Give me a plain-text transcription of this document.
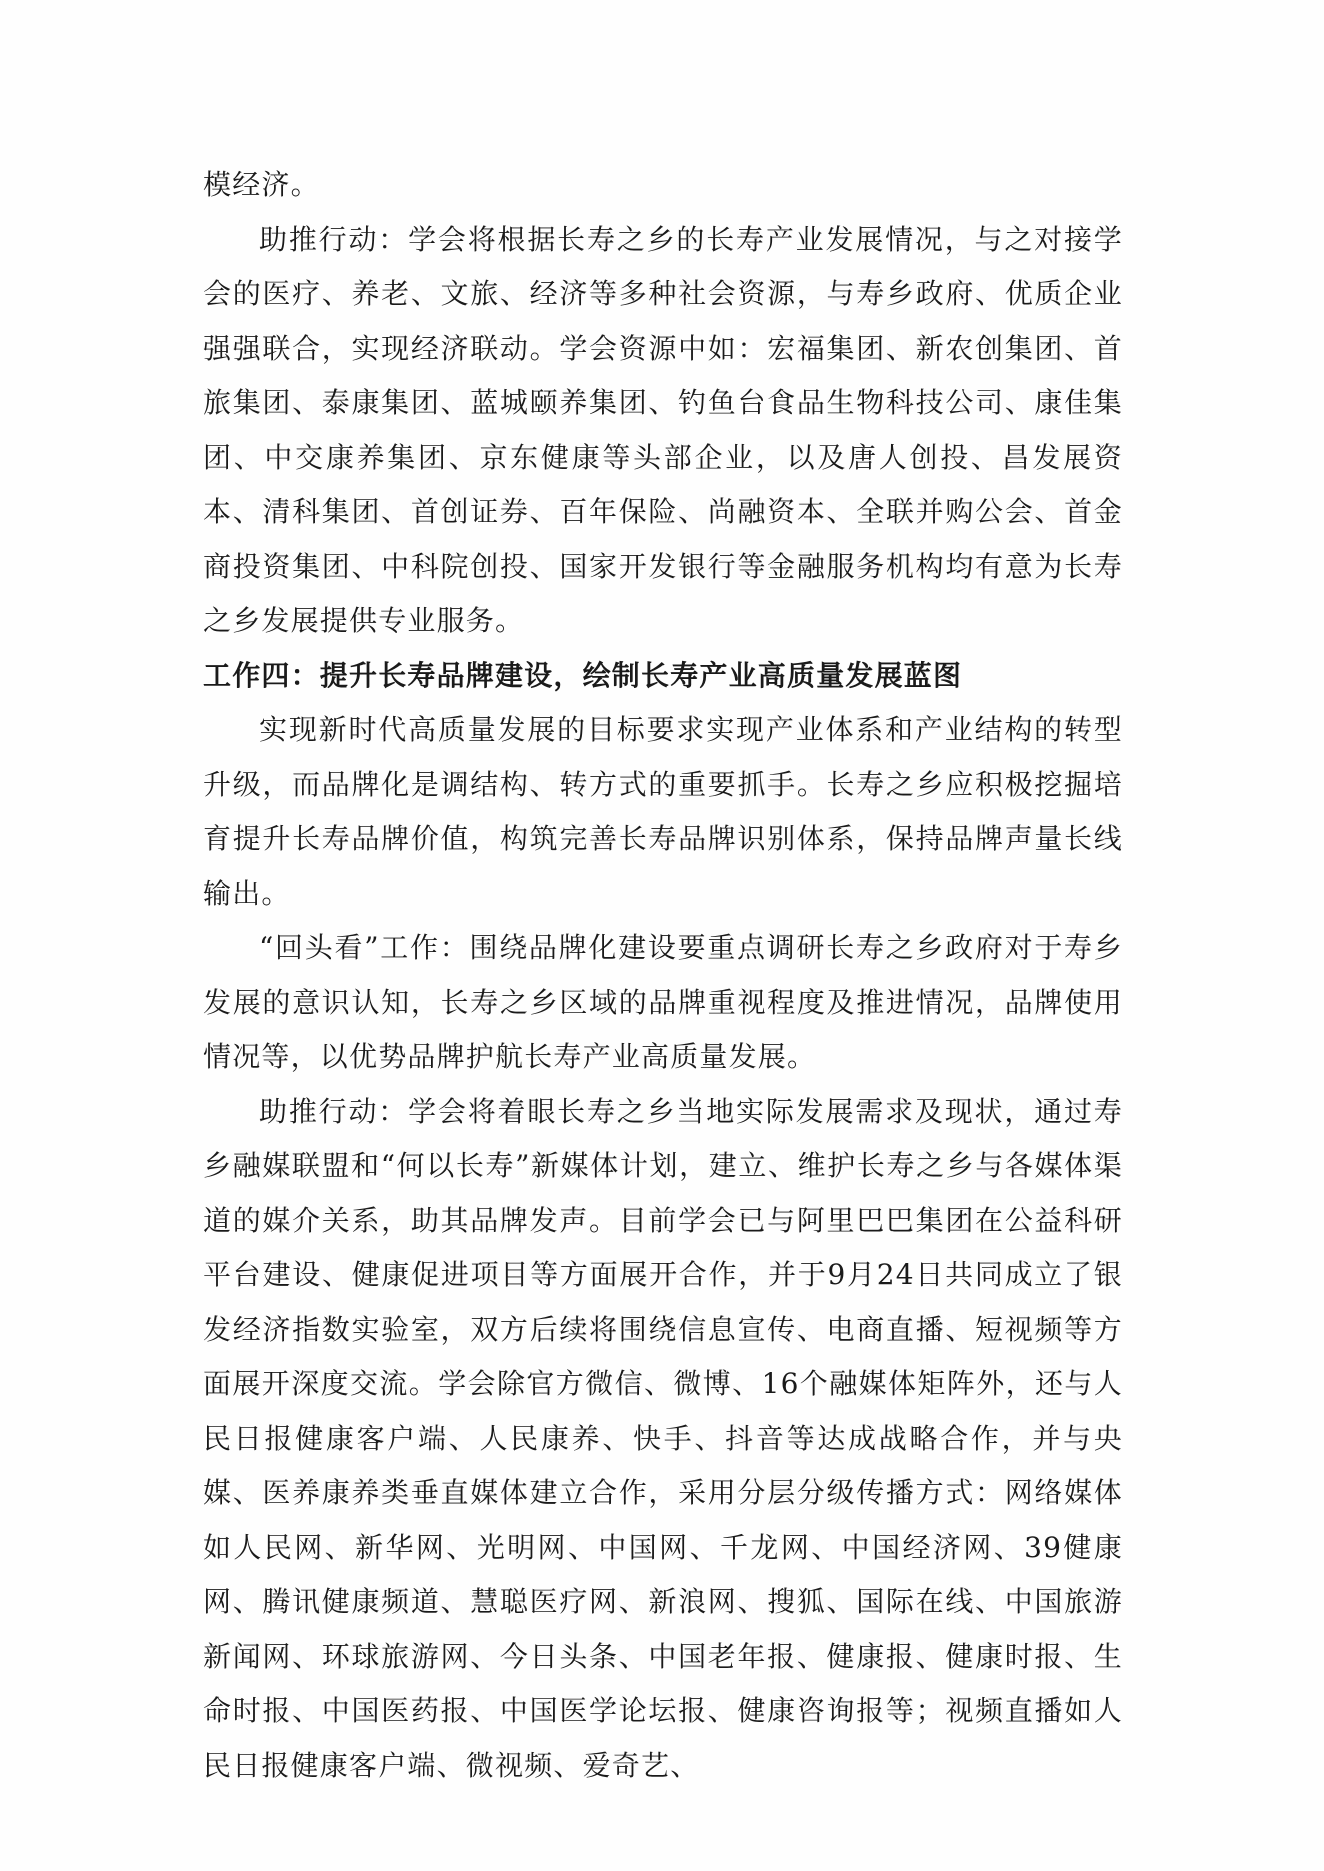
模经济。

助推行动：学会将根据长寿之乡的长寿产业发展情况，与之对接学会的医疗、养老、文旅、经济等多种社会资源，与寿乡政府、优质企业强强联合，实现经济联动。学会资源中如：宏福集团、新农创集团、首旅集团、泰康集团、蓝城颐养集团、钓鱼台食品生物科技公司、康佳集团、中交康养集团、京东健康等头部企业，以及唐人创投、昌发展资本、清科集团、首创证券、百年保险、尚融资本、全联并购公会、首金商投资集团、中科院创投、国家开发银行等金融服务机构均有意为长寿之乡发展提供专业服务。

工作四：提升长寿品牌建设，绘制长寿产业高质量发展蓝图

实现新时代高质量发展的目标要求实现产业体系和产业结构的转型升级，而品牌化是调结构、转方式的重要抓手。长寿之乡应积极挖掘培育提升长寿品牌价值，构筑完善长寿品牌识别体系，保持品牌声量长线输出。

“回头看”工作：围绕品牌化建设要重点调研长寿之乡政府对于寿乡发展的意识认知，长寿之乡区域的品牌重视程度及推进情况，品牌使用情况等，以优势品牌护航长寿产业高质量发展。

助推行动：学会将着眼长寿之乡当地实际发展需求及现状，通过寿乡融媒联盟和“何以长寿”新媒体计划，建立、维护长寿之乡与各媒体渠道的媒介关系，助其品牌发声。目前学会已与阿里巴巴集团在公益科研平台建设、健康促进项目等方面展开合作，并于9月24日共同成立了银发经济指数实验室，双方后续将围绕信息宣传、电商直播、短视频等方面展开深度交流。学会除官方微信、微博、16个融媒体矩阵外，还与人民日报健康客户端、人民康养、快手、抖音等达成战略合作，并与央媒、医养康养类垂直媒体建立合作，采用分层分级传播方式：网络媒体如人民网、新华网、光明网、中国网、千龙网、中国经济网、39健康网、腾讯健康频道、慧聪医疗网、新浪网、搜狐、国际在线、中国旅游新闻网、环球旅游网、今日头条、中国老年报、健康报、健康时报、生命时报、中国医药报、中国医学论坛报、健康咨询报等；视频直播如人民日报健康客户端、微视频、爱奇艺、
